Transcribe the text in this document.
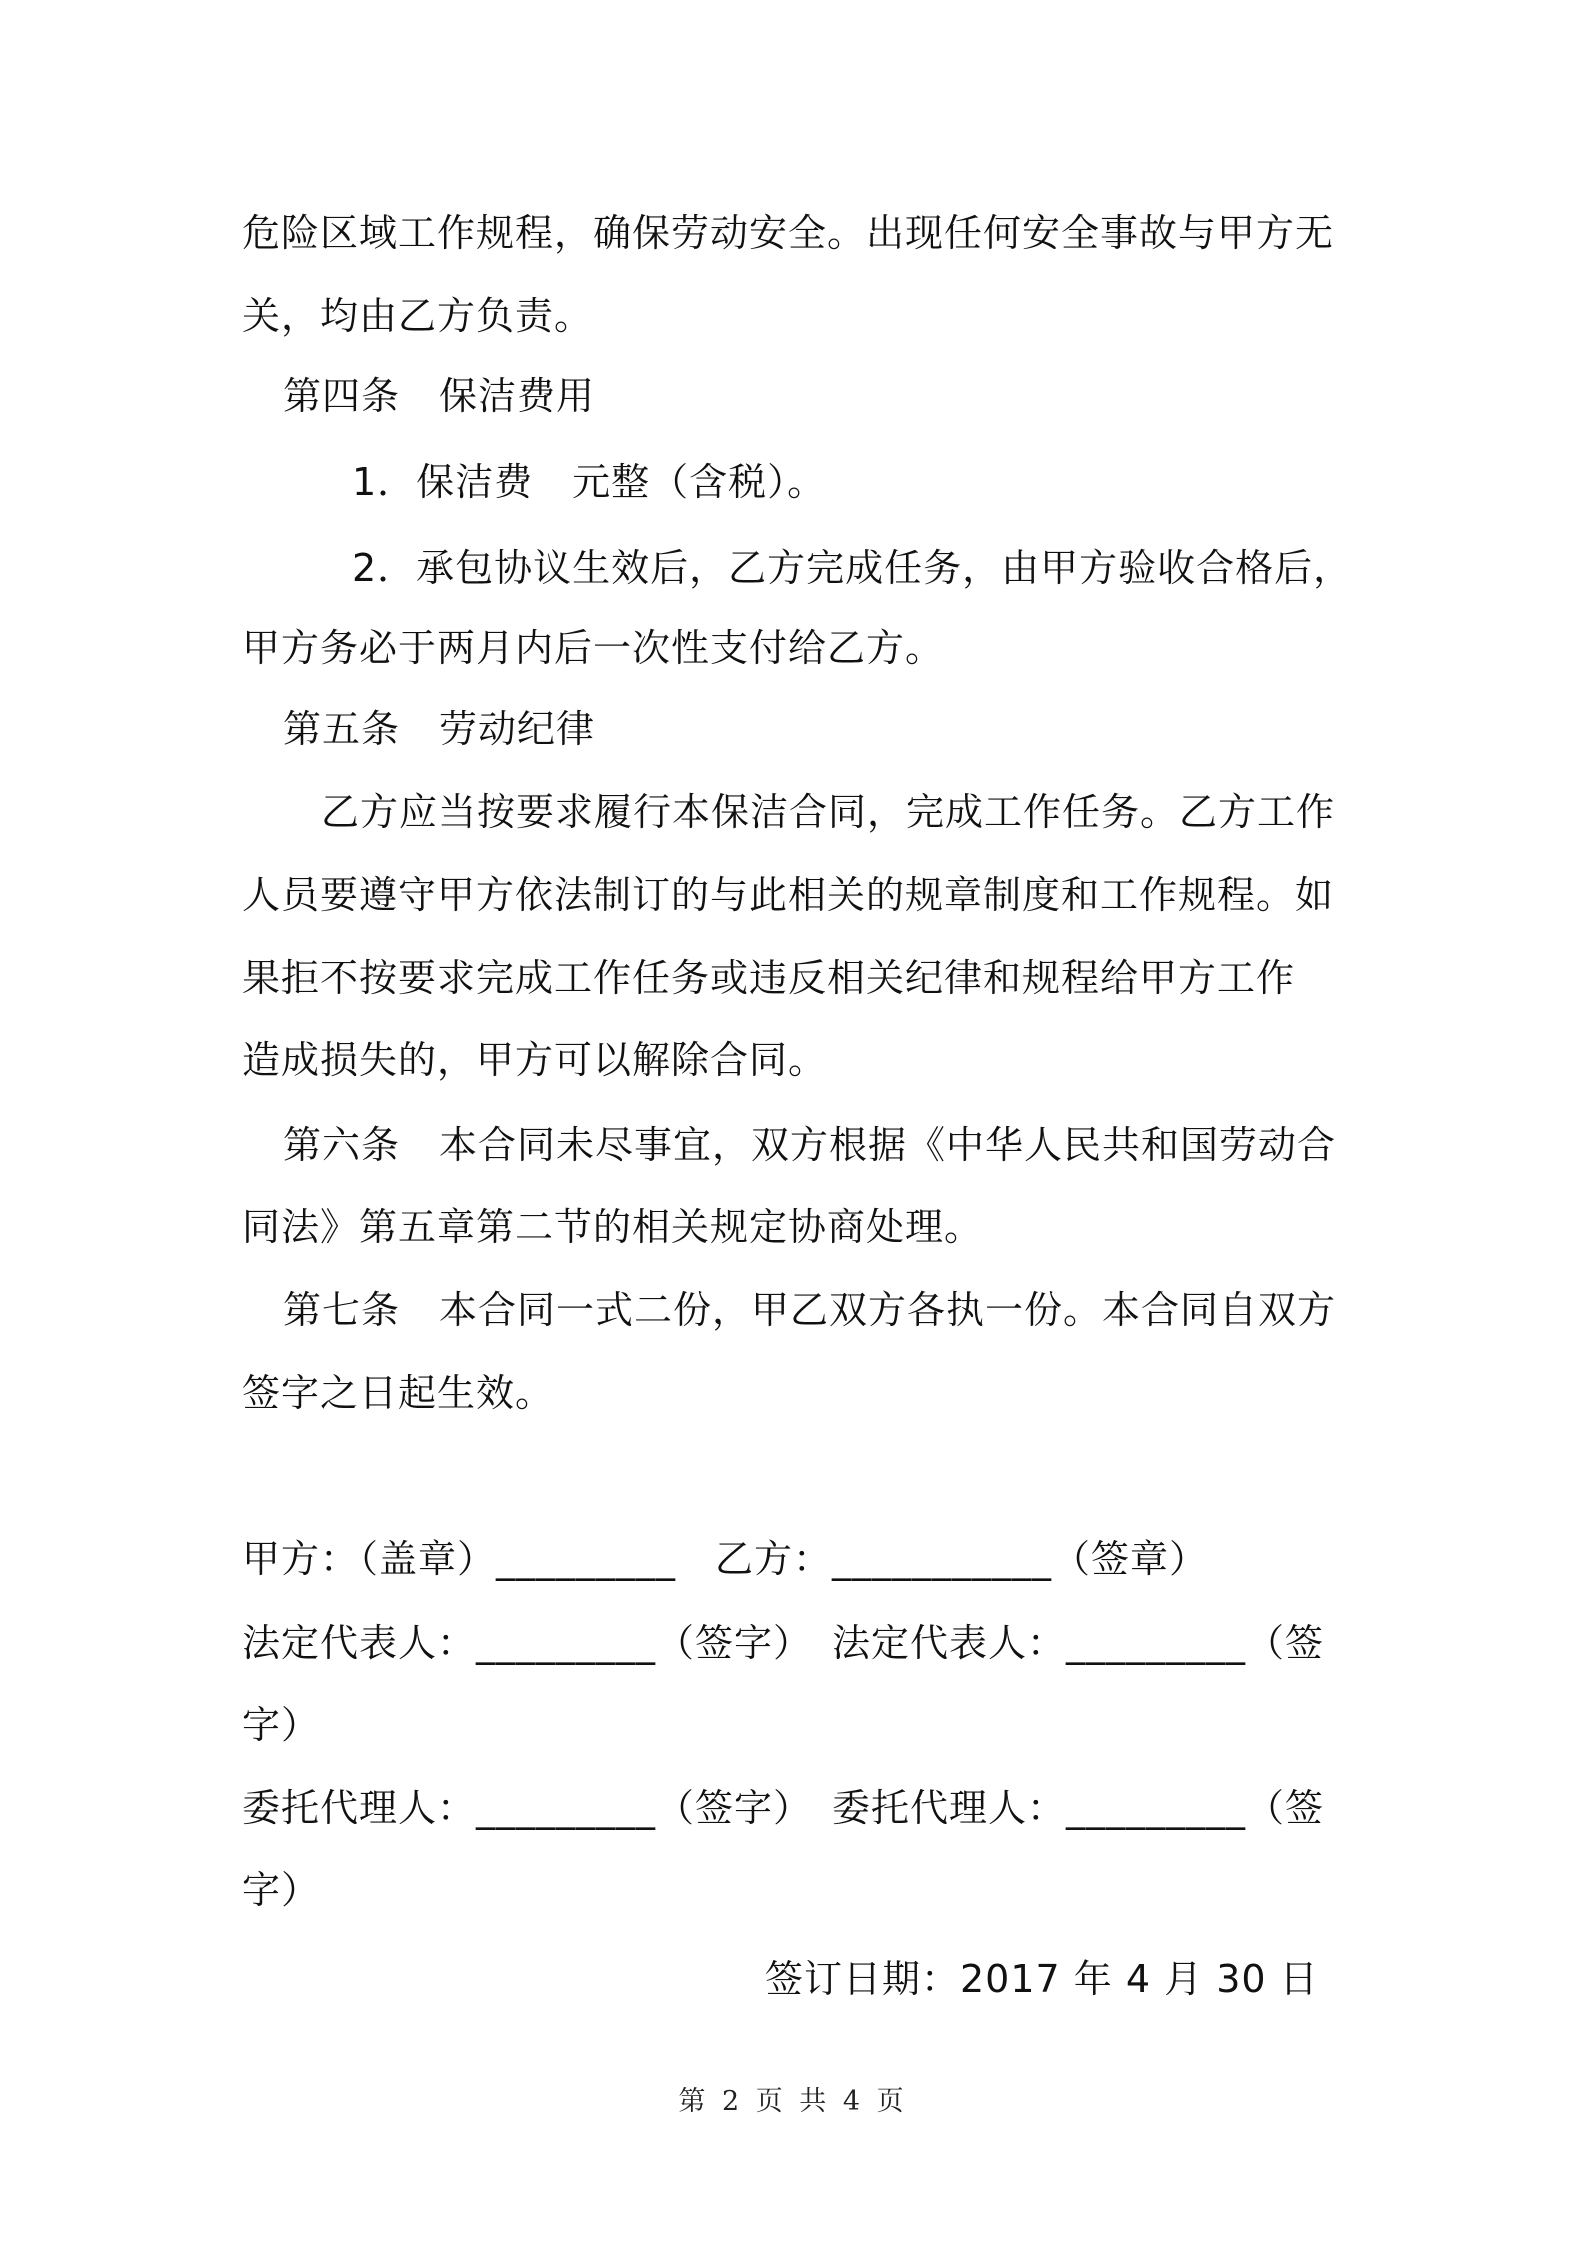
危险区域工作规程，确保劳动安全。出现任何安全事故与甲方无
关，均由乙方负责。
第四条　保洁费用
1．保洁费　元整（含税）。
2．承包协议生效后，乙方完成任务，由甲方验收合格后，
甲方务必于两月内后一次性支付给乙方。
第五条　劳动纪律
乙方应当按要求履行本保洁合同，完成工作任务。乙方工作
人员要遵守甲方依法制订的与此相关的规章制度和工作规程。如
果拒不按要求完成工作任务或违反相关纪律和规程给甲方工作
造成损失的，甲方可以解除合同。
第六条　本合同未尽事宜，双方根据《中华人民共和国劳动合
同法》第五章第二节的相关规定协商处理。
第七条　本合同一式二份，甲乙双方各执一份。本合同自双方
签字之日起生效。
甲方：（盖章）_________　乙方：___________（签章）
法定代表人：_________（签字）　法定代表人：_________（签
字）
委托代理人：_________（签字）　委托代理人：_________（签
字）
签订日期：2017 年 4 月 30 日
第 2 页 共 4 页
